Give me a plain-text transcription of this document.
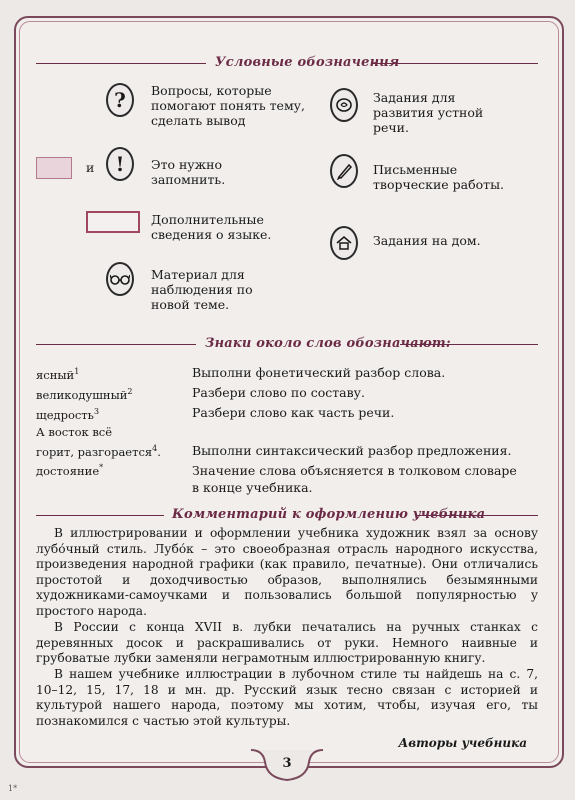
Условные обозначения
? Вопросы, которые помогают понять тему, сделать вывод
и ! Это нужно запомнить.
Дополнительные сведения о языке.
Материал для наблюдения по новой теме.
Задания для развития устной речи.
Письменные творческие работы.
Задания на дом.
Знаки около слов обозначают:
ясный$^1$	Выполни фонетический разбор слова.
великодушный$^2$	Разбери слово по составу.
щедрость$^3$	Разбери слово как часть речи.
А восток всё
горит, разгорается$^4$. Выполни синтаксический разбор предложения.
достояние*	Значение слова объясняется в толковом словаре
в конце учебника.
Комментарий к оформлению учебника

В иллюстрировании и оформлении учебника художник взял за основу лубо́чный стиль. Лубо́к – это своеобразная отрасль народного искусства, произведения народной графики (как правило, печатные). Они отличались простотой и доходчивостью образов, выполнялись безымянными художниками-самоучками и пользовались большой популярностью у простого народа.

В России с конца XVII в. лубки печатались на ручных станках с деревянных досок и раскрашивались от руки. Немного наивные и грубоватые лубки заменяли неграмотным иллюстрированную книгу.

В нашем учебнике иллюстрации в лубочном стиле ты найдешь на с. 7, 10–12, 15, 17, 18 и мн. др. Русский язык тесно связан с историей и культурой нашего народа, поэтому мы хотим, чтобы, изучая его, ты познакомился с частью этой культуры.

Авторы учебника
3
1*
